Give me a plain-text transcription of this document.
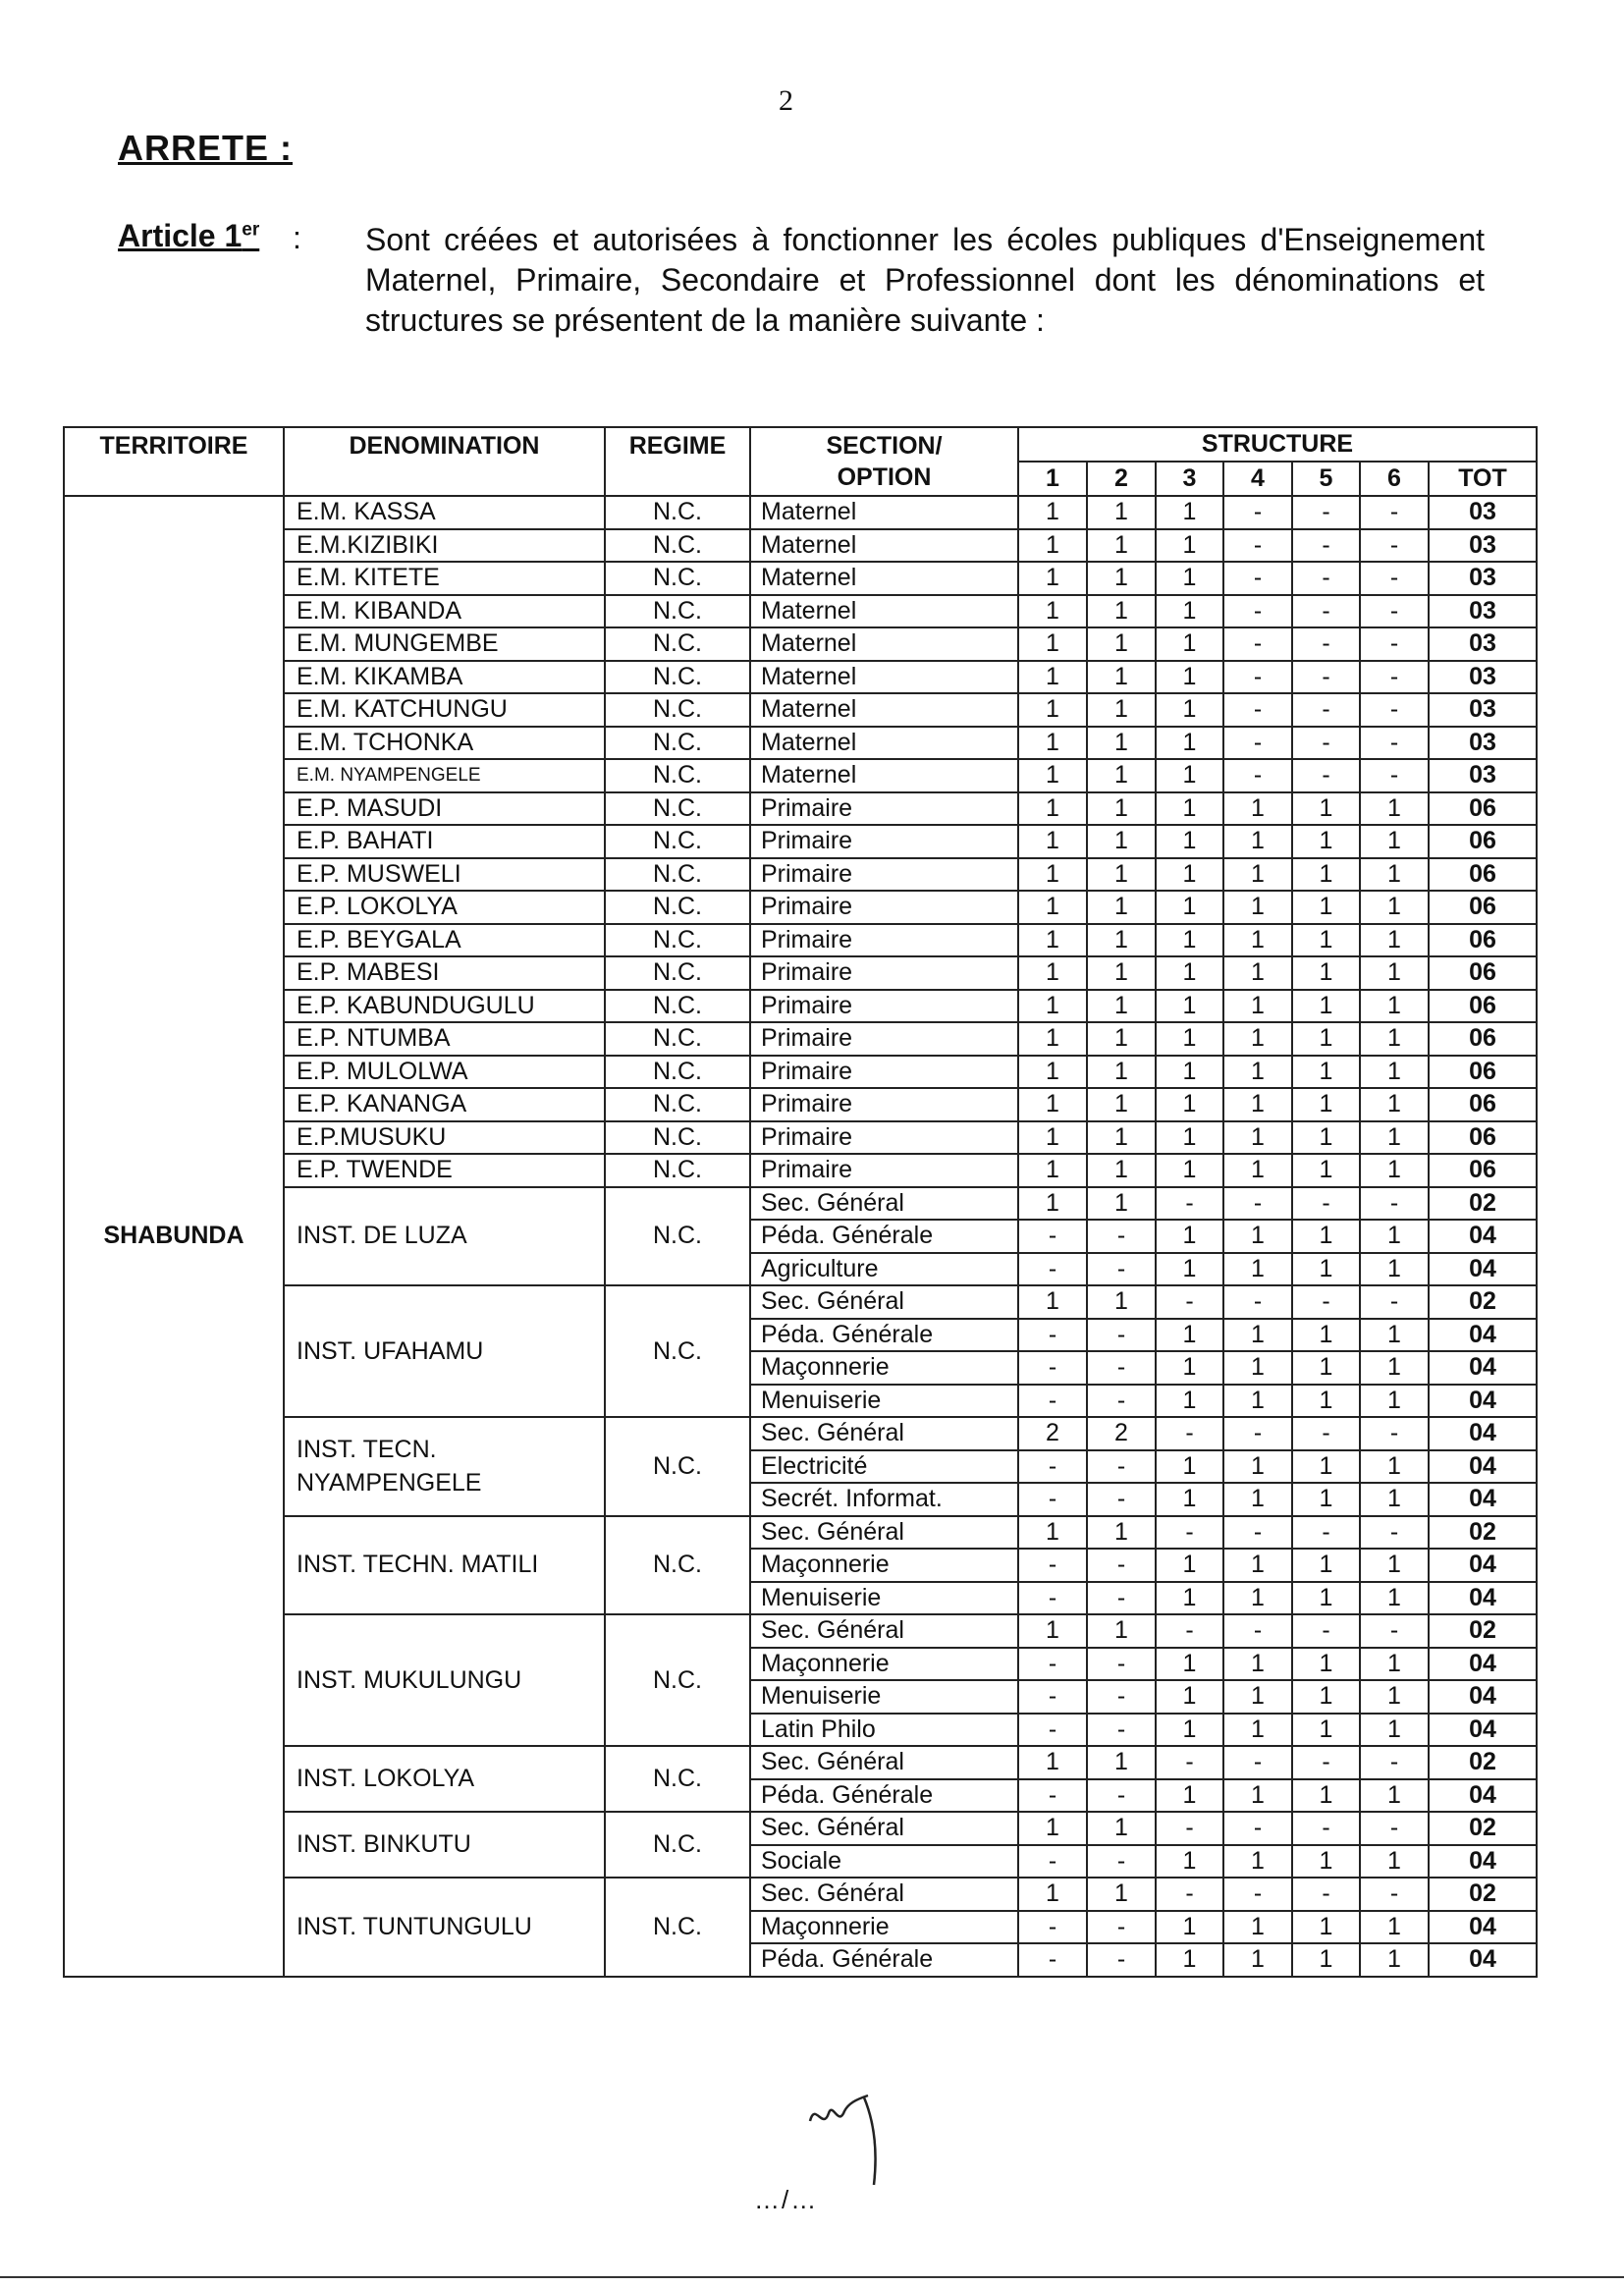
2
ARRETE :
Article 1er : Sont créées et autorisées à fonctionner les écoles publiques d'Enseignement Maternel, Primaire, Secondaire et Professionnel dont les dénominations et structures se présentent de la manière suivante :
TERRITOIRE	DENOMINATION	REGIME	SECTION/ OPTION	STRUCTURE						
				1	2	3	4	5	6	TOT
SHABUNDA	E.M. KASSA	N.C.	Maternel	1	1	1	-	-	-	03
	E.M.KIZIBIKI	N.C.	Maternel	1	1	1	-	-	-	03
	E.M. KITETE	N.C.	Maternel	1	1	1	-	-	-	03
	E.M. KIBANDA	N.C.	Maternel	1	1	1	-	-	-	03
	E.M. MUNGEMBE	N.C.	Maternel	1	1	1	-	-	-	03
	E.M. KIKAMBA	N.C.	Maternel	1	1	1	-	-	-	03
	E.M. KATCHUNGU	N.C.	Maternel	1	1	1	-	-	-	03
	E.M. TCHONKA	N.C.	Maternel	1	1	1	-	-	-	03
	E.M. NYAMPENGELE	N.C.	Maternel	1	1	1	-	-	-	03
	E.P. MASUDI	N.C.	Primaire	1	1	1	1	1	1	06
	E.P. BAHATI	N.C.	Primaire	1	1	1	1	1	1	06
	E.P. MUSWELI	N.C.	Primaire	1	1	1	1	1	1	06
	E.P. LOKOLYA	N.C.	Primaire	1	1	1	1	1	1	06
	E.P. BEYGALA	N.C.	Primaire	1	1	1	1	1	1	06
	E.P. MABESI	N.C.	Primaire	1	1	1	1	1	1	06
	E.P. KABUNDUGULU	N.C.	Primaire	1	1	1	1	1	1	06
	E.P. NTUMBA	N.C.	Primaire	1	1	1	1	1	1	06
	E.P. MULOLWA	N.C.	Primaire	1	1	1	1	1	1	06
	E.P. KANANGA	N.C.	Primaire	1	1	1	1	1	1	06
	E.P.MUSUKU	N.C.	Primaire	1	1	1	1	1	1	06
	E.P. TWENDE	N.C.	Primaire	1	1	1	1	1	1	06
	INST. DE LUZA	N.C.	Sec. Général	1	1	-	-	-	-	02
			Péda. Générale	-	-	1	1	1	1	04
			Agriculture	-	-	1	1	1	1	04
	INST. UFAHAMU	N.C.	Sec. Général	1	1	-	-	-	-	02
			Péda. Générale	-	-	1	1	1	1	04
			Maçonnerie	-	-	1	1	1	1	04
			Menuiserie	-	-	1	1	1	1	04
	INST. TECN. NYAMPENGELE	N.C.	Sec. Général	2	2	-	-	-	-	04
			Electricité	-	-	1	1	1	1	04
			Secrét. Informat.	-	-	1	1	1	1	04
	INST. TECHN. MATILI	N.C.	Sec. Général	1	1	-	-	-	-	02
			Maçonnerie	-	-	1	1	1	1	04
			Menuiserie	-	-	1	1	1	1	04
	INST. MUKULUNGU	N.C.	Sec. Général	1	1	-	-	-	-	02
			Maçonnerie	-	-	1	1	1	1	04
			Menuiserie	-	-	1	1	1	1	04
			Latin Philo	-	-	1	1	1	1	04
	INST. LOKOLYA	N.C.	Sec. Général	1	1	-	-	-	-	02
			Péda. Générale	-	-	1	1	1	1	04
	INST. BINKUTU	N.C.	Sec. Général	1	1	-	-	-	-	02
			Sociale	-	-	1	1	1	1	04
	INST. TUNTUNGULU	N.C.	Sec. Général	1	1	-	-	-	-	02
			Maçonnerie	-	-	1	1	1	1	04
			Péda. Générale	-	-	1	1	1	1	04
…/…
